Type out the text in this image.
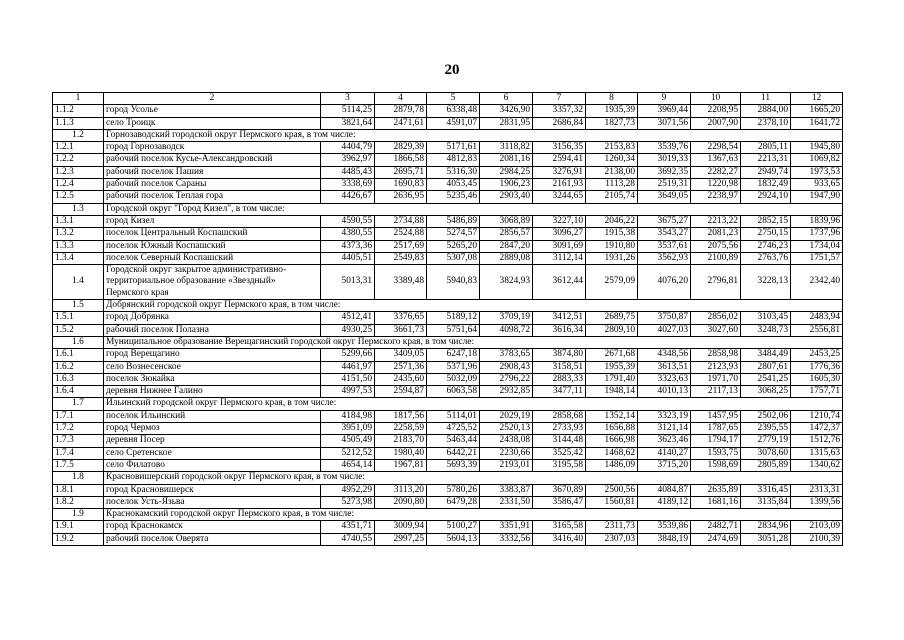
20
1	2	3	4	5	6	7	8	9	10	11	12
1.1.2	город Усолье	5114,25	2879,78	6338,48	3426,90	3357,32	1935,39	3969,44	2208,95	2884,00	1665,20
1.1.3	село Троицк	3821,64	2471,61	4591,07	2831,95	2686,84	1827,73	3071,56	2007,90	2378,10	1641,72
1.2	Горнозаводский городской округ Пермского края, в том числе:										
1.2.1	город Горнозаводск	4404,79	2829,39	5171,61	3118,82	3156,35	2153,83	3539,76	2298,54	2805,11	1945,80
1.2.2	рабочий поселок Кусье-Александровский	3962,97	1866,58	4812,83	2081,16	2594,41	1260,34	3019,33	1367,63	2213,31	1069,82
1.2.3	рабочий поселок Пашия	4485,43	2695,71	5316,30	2984,25	3276,91	2138,00	3692,35	2282,27	2949,74	1973,53
1.2.4	рабочий поселок Сараны	3338,69	1690,83	4053,45	1906,23	2161,93	1113,28	2519,31	1220,98	1832,49	933,65
1.2.5	рабочий поселок Теплая гора	4426,67	2636,95	5235,46	2903,40	3244,65	2105,74	3649,05	2238,97	2924,10	1947,90
1.3	Городской округ "Город Кизел", в том числе:										
1.3.1	город Кизел	4590,55	2734,88	5486,89	3068,89	3227,10	2046,22	3675,27	2213,22	2852,15	1839,96
1.3.2	поселок Центральный Коспашский	4380,55	2524,88	5274,57	2856,57	3096,27	1915,38	3543,27	2081,23	2750,15	1737,96
1.3.3	поселок Южный Коспашский	4373,36	2517,69	5265,20	2847,20	3091,69	1910,80	3537,61	2075,56	2746,23	1734,04
1.3.4	поселок Северный Коспашский	4405,51	2549,83	5307,08	2889,08	3112,14	1931,26	3562,93	2100,89	2763,76	1751,57
1.4	Городской округ закрытое административно-территориальное образование «Звездный» Пермского края	5013,31	3389,48	5940,83	3824,93	3612,44	2579,09	4076,20	2796,81	3228,13	2342,40
1.5	Добрянский городской округ Пермского края, в том числе:										
1.5.1	город Добрянка	4512,41	3376,65	5189,12	3709,19	3412,51	2689,75	3750,87	2856,02	3103,45	2483,94
1.5.2	рабочий поселок Полазна	4930,25	3661,73	5751,64	4098,72	3616,34	2809,10	4027,03	3027,60	3248,73	2556,81
1.6	Муниципальное образование Верещагинский городской округ Пермского края, в том числе:										
1.6.1	город Верещагино	5299,66	3409,05	6247,18	3783,65	3874,80	2671,68	4348,56	2858,98	3484,49	2453,25
1.6.2	село Вознесенское	4461,97	2571,36	5371,96	2908,43	3158,51	1955,39	3613,51	2123,93	2807,61	1776,36
1.6.3	поселок Зюкайка	4151,50	2435,60	5032,09	2796,22	2883,33	1791,40	3323,63	1971,70	2541,25	1605,30
1.6.4	деревня Нижнее Галино	4997,53	2594,87	6063,58	2932,85	3477,11	1948,14	4010,13	2117,13	3068,25	1757,71
1.7	Ильинский городской округ Пермского края, в том числе:										
1.7.1	поселок Ильинский	4184,98	1817,56	5114,01	2029,19	2858,68	1352,14	3323,19	1457,95	2502,06	1210,74
1.7.2	город Чермоз	3951,09	2258,59	4725,52	2520,13	2733,93	1656,88	3121,14	1787,65	2395,55	1472,37
1.7.3	деревня Посер	4505,49	2183,70	5463,44	2438,08	3144,48	1666,98	3623,46	1794,17	2779,19	1512,76
1.7.4	село Сретенское	5212,52	1980,40	6442,21	2230,66	3525,42	1468,62	4140,27	1593,75	3078,60	1315,63
1.7.5	село Филатово	4654,14	1967,81	5693,39	2193,01	3195,58	1486,09	3715,20	1598,69	2805,89	1340,62
1.8	Красновишерский городской округ Пермского края, в том числе:										
1.8.1	город Красновишерск	4952,29	3113,20	5780,26	3383,87	3670,89	2500,56	4084,87	2635,89	3316,45	2313,31
1.8.2	поселок Усть-Язьва	5273,98	2090,80	6479,28	2331,50	3586,47	1560,81	4189,12	1681,16	3135,84	1399,56
1.9	Краснокамский городской округ Пермского края, в том числе:										
1.9.1	город Краснокамск	4351,71	3009,94	5100,27	3351,91	3165,58	2311,73	3539,86	2482,71	2834,96	2103,09
1.9.2	рабочий поселок Оверята	4740,55	2997,25	5604,13	3332,56	3416,40	2307,03	3848,19	2474,69	3051,28	2100,39
